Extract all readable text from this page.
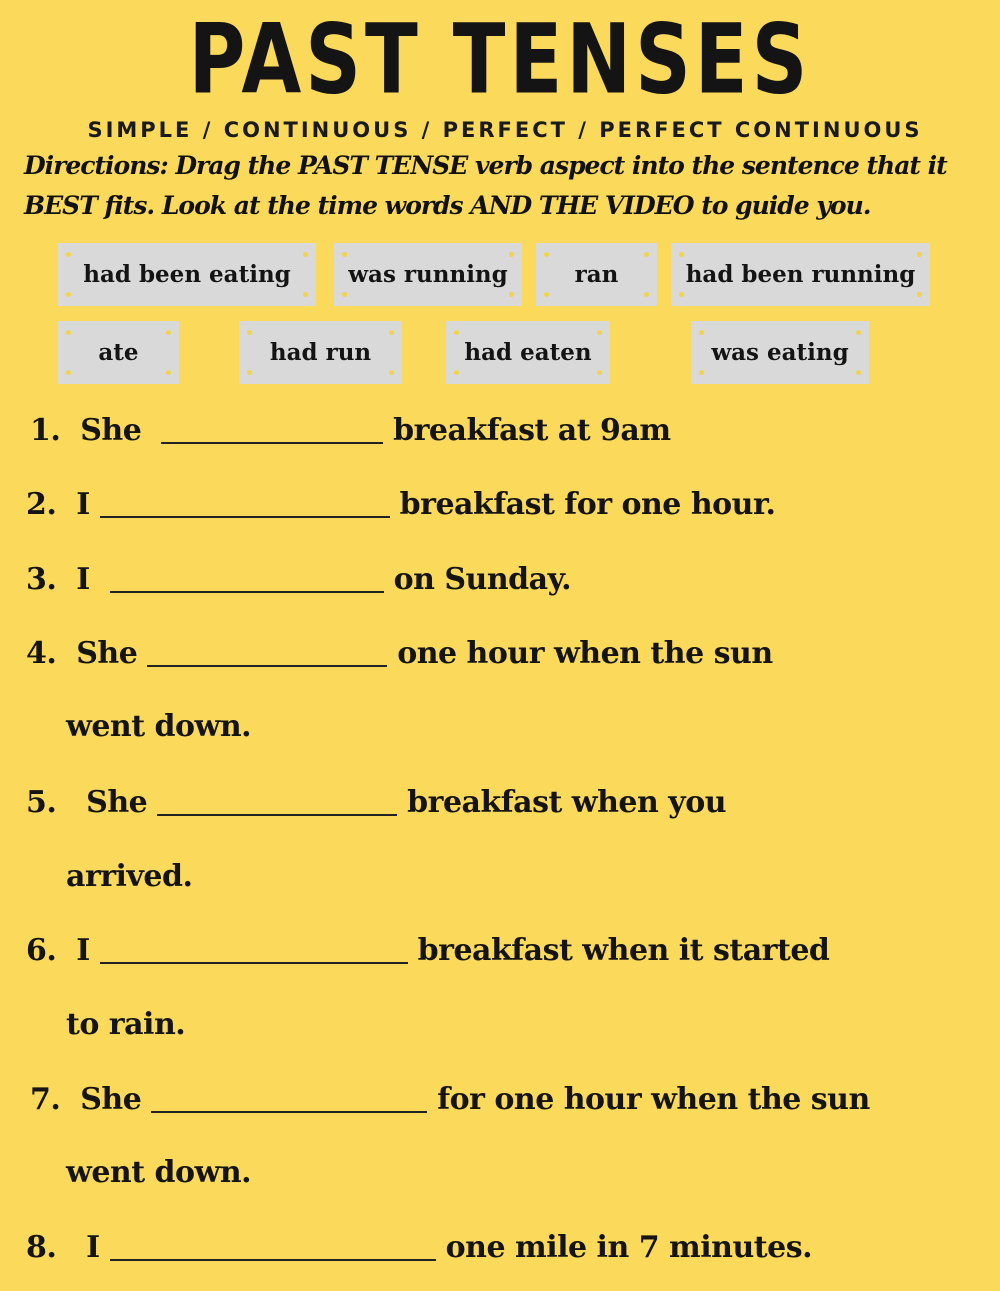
PAST TENSES
SIMPLE / CONTINUOUS / PERFECT / PERFECT CONTINUOUS
Directions: Drag the PAST TENSE verb aspect into the sentence that it
BEST fits. Look at the time words AND THE VIDEO to guide you.
had been eating	was running	ran	had been running
ate	had run	had eaten	was eating
1. She	breakfast at 9am
2. I	breakfast for one hour.
3. I	on Sunday.
4. She	one hour when the sun
went down.
5. She	breakfast when you
arrived.
6. I	breakfast when it started
to rain.
7. She	for one hour when the sun
went down.
8. I	one mile in 7 minutes.
